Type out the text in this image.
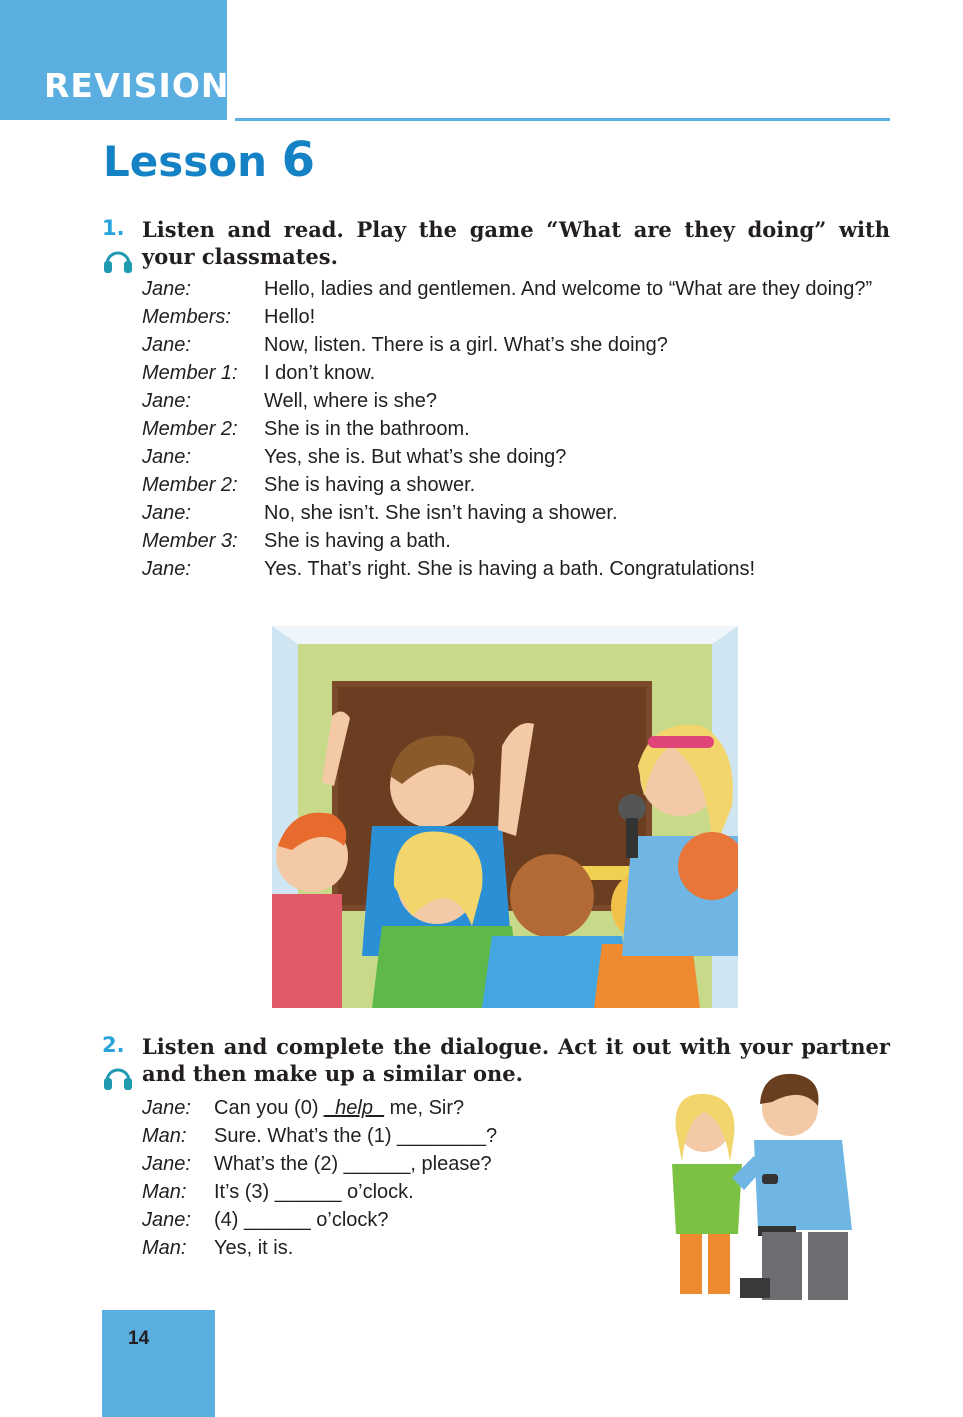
REVISION
Lesson 6
1. Listen and read. Play the game “What are they doing” with your classmates.
Jane:	Hello, ladies and gentlemen. And welcome to “What are they doing?”
Members:	Hello!
Jane:	Now, listen. There is a girl. What’s she doing?
Member 1:	I don’t know.
Jane:	Well, where is she?
Member 2:	She is in the bathroom.
Jane:	Yes, she is. But what’s she doing?
Member 2:	She is having a shower.
Jane:	No, she isn’t. She isn’t having a shower.
Member 3:	She is having a bath.
Jane:	Yes. That’s right. She is having a bath. Congratulations!
2. Listen and complete the dialogue. Act it out with your partner and then make up a similar one.
Jane:	Can you (0) _help_ me, Sir?
Man:	Sure. What’s the (1) ________?
Jane:	What’s the (2) ______, please?
Man:	It’s (3) ______ o’clock.
Jane:	(4) ______ o’clock?
Man:	Yes, it is.
14
